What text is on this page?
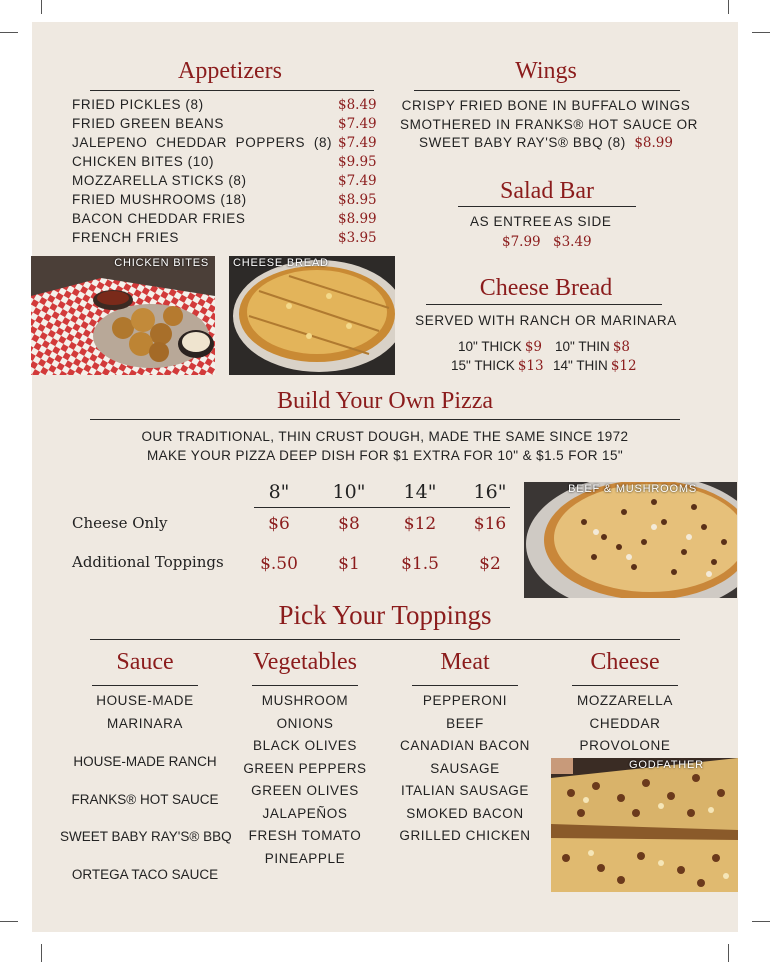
Appetizers
FRIED PICKLES (8)	$8.49
FRIED GREEN BEANS	$7.49
JALEPENO  CHEDDAR  POPPERS  (8) $7.49
CHICKEN BITES (10)	$9.95
MOZZARELLA STICKS (8)	$7.49
FRIED MUSHROOMS (18)	$8.95
BACON CHEDDAR FRIES	$8.99
FRENCH FRIES	$3.95
Wings
CRISPY FRIED BONE IN BUFFALO WINGS
SMOTHERED IN FRANKS® HOT SAUCE OR
SWEET BABY RAY'S® BBQ (8) $8.99
Salad Bar
AS ENTREE AS SIDE
$7.99 $3.49
CHICKEN BITES CHEESE BREAD
Cheese Bread
SERVED WITH RANCH OR MARINARA
10" THICK $9 10" THIN $8
15" THICK $13 14" THIN $12
Build Your Own Pizza
OUR TRADITIONAL, THIN CRUST DOUGH, MADE THE SAME SINCE 1972
MAKE YOUR PIZZA DEEP DISH FOR $1 EXTRA FOR 10" & $1.5 FOR 15"
8"	10"	14"	16"
Cheese Only	$6	$8	$12	$16
Additional Toppings	$.50	$1	$1.5	$2
BEEF & MUSHROOMS
Pick Your Toppings
Sauce
HOUSE-MADE
MARINARA
HOUSE-MADE RANCH
FRANKS® HOT SAUCE
SWEET BABY RAY'S® BBQ
ORTEGA TACO SAUCE
Vegetables
MUSHROOM
ONIONS
BLACK OLIVES
GREEN PEPPERS
GREEN OLIVES
JALAPEÑOS
FRESH TOMATO
PINEAPPLE
Meat
PEPPERONI
BEEF
CANADIAN BACON
SAUSAGE
ITALIAN SAUSAGE
SMOKED BACON
GRILLED CHICKEN
Cheese
MOZZARELLA
CHEDDAR
PROVOLONE
GODFATHER
